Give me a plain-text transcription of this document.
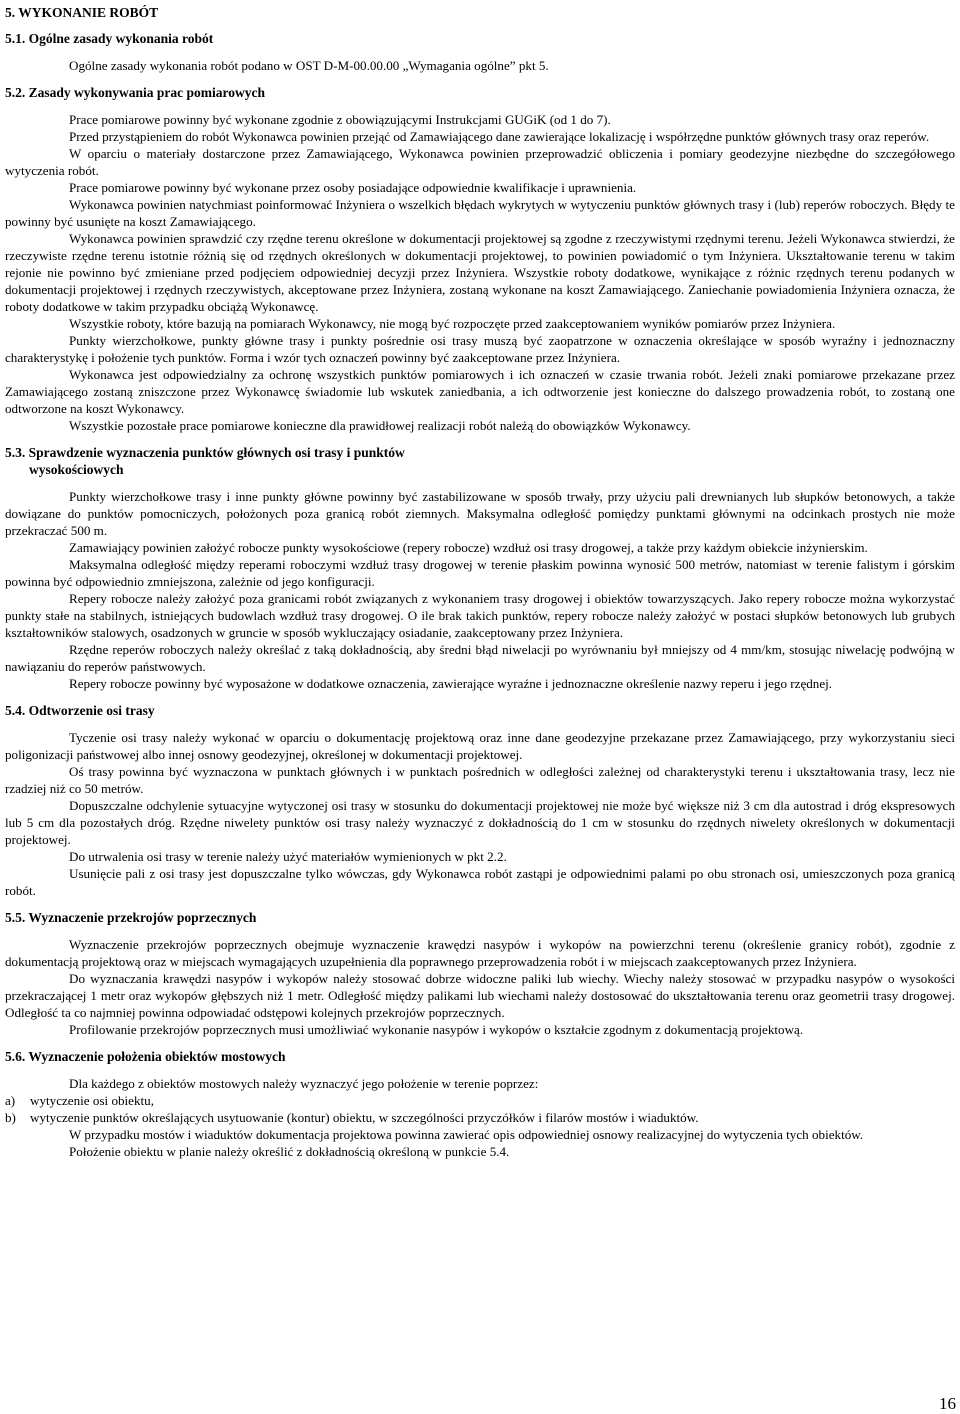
5. WYKONANIE ROBÓT
5.1. Ogólne zasady wykonania robót

Ogólne zasady wykonania robót podano w OST D-M-00.00.00 „Wymagania ogólne” pkt 5.

5.2. Zasady wykonywania prac pomiarowych

Prace pomiarowe powinny być wykonane zgodnie z obowiązującymi Instrukcjami GUGiK (od 1 do 7).

Przed przystąpieniem do robót Wykonawca powinien przejąć od Zamawiającego dane zawierające lokalizację i współrzędne punktów głównych trasy oraz reperów.

W oparciu o materiały dostarczone przez Zamawiającego, Wykonawca powinien przeprowadzić obliczenia i pomiary geodezyjne niezbędne do szczegółowego wytyczenia robót.

Prace pomiarowe powinny być wykonane przez osoby posiadające odpowiednie kwalifikacje i uprawnienia.

Wykonawca powinien natychmiast poinformować Inżyniera o wszelkich błędach wykrytych w wytyczeniu punktów głównych trasy i (lub) reperów roboczych. Błędy te powinny być usunięte na koszt Zamawiającego.

Wykonawca powinien sprawdzić czy rzędne terenu określone w dokumentacji projektowej są zgodne z rzeczywistymi rzędnymi terenu. Jeżeli Wykonawca stwierdzi, że rzeczywiste rzędne terenu istotnie różnią się od rzędnych określonych w dokumentacji projektowej, to powinien powiadomić o tym Inżyniera. Ukształtowanie terenu w takim rejonie nie powinno być zmieniane przed podjęciem odpowiedniej decyzji przez Inżyniera. Wszystkie roboty dodatkowe, wynikające z różnic rzędnych terenu podanych w dokumentacji projektowej i rzędnych rzeczywistych, akceptowane przez Inżyniera, zostaną wykonane na koszt Zamawiającego. Zaniechanie powiadomienia Inżyniera oznacza, że roboty dodatkowe w takim przypadku obciążą Wykonawcę.

Wszystkie roboty, które bazują na pomiarach Wykonawcy, nie mogą być rozpoczęte przed zaakceptowaniem wyników pomiarów przez Inżyniera.

Punkty wierzchołkowe, punkty główne trasy i punkty pośrednie osi trasy muszą być zaopatrzone w oznaczenia określające w sposób wyraźny i jednoznaczny charakterystykę i położenie tych punktów. Forma i wzór tych oznaczeń powinny być zaakceptowane przez Inżyniera.

Wykonawca jest odpowiedzialny za ochronę wszystkich punktów pomiarowych i ich oznaczeń w czasie trwania robót. Jeżeli znaki pomiarowe przekazane przez Zamawiającego zostaną zniszczone przez Wykonawcę świadomie lub wskutek zaniedbania, a ich odtworzenie jest konieczne do dalszego prowadzenia robót, to zostaną one odtworzone na koszt Wykonawcy.

Wszystkie pozostałe prace pomiarowe konieczne dla prawidłowej realizacji robót należą do obowiązków Wykonawcy.

5.3. Sprawdzenie wyznaczenia punktów głównych osi trasy i punktów
wysokościowych

Punkty wierzchołkowe trasy i inne punkty główne powinny być zastabilizowane w sposób trwały, przy użyciu pali drewnianych lub słupków betonowych, a także dowiązane do punktów pomocniczych, położonych poza granicą robót ziemnych. Maksymalna odległość pomiędzy punktami głównymi na odcinkach prostych nie może przekraczać 500 m.

Zamawiający powinien założyć robocze punkty wysokościowe (repery robocze) wzdłuż osi trasy drogowej, a także przy każdym obiekcie inżynierskim.

Maksymalna odległość między reperami roboczymi wzdłuż trasy drogowej w terenie płaskim powinna wynosić 500 metrów, natomiast w terenie falistym i górskim powinna być odpowiednio zmniejszona, zależnie od jego konfiguracji.

Repery robocze należy założyć poza granicami robót związanych z wykonaniem trasy drogowej i obiektów towarzyszących. Jako repery robocze można wykorzystać punkty stałe na stabilnych, istniejących budowlach wzdłuż trasy drogowej. O ile brak takich punktów, repery robocze należy założyć w postaci słupków betonowych lub grubych kształtowników stalowych, osadzonych w gruncie w sposób wykluczający osiadanie, zaakceptowany przez Inżyniera.

Rzędne reperów roboczych należy określać z taką dokładnością, aby średni błąd niwelacji po wyrównaniu był mniejszy od 4 mm/km, stosując niwelację podwójną w nawiązaniu do reperów państwowych.

Repery robocze powinny być wyposażone w dodatkowe oznaczenia, zawierające wyraźne i jednoznaczne określenie nazwy reperu i jego rzędnej.

5.4. Odtworzenie osi trasy

Tyczenie osi trasy należy wykonać w oparciu o dokumentację projektową oraz inne dane geodezyjne przekazane przez Zamawiającego, przy wykorzystaniu sieci poligonizacji państwowej albo innej osnowy geodezyjnej, określonej w dokumentacji projektowej.

Oś trasy powinna być wyznaczona w punktach głównych i w punktach pośrednich w odległości zależnej od charakterystyki terenu i ukształtowania trasy, lecz nie rzadziej niż co 50 metrów.

Dopuszczalne odchylenie sytuacyjne wytyczonej osi trasy w stosunku do dokumentacji projektowej nie może być większe niż 3 cm dla autostrad i dróg ekspresowych lub 5 cm dla pozostałych dróg. Rzędne niwelety punktów osi trasy należy wyznaczyć z dokładnością do 1 cm w stosunku do rzędnych niwelety określonych w dokumentacji projektowej.

Do utrwalenia osi trasy w terenie należy użyć materiałów wymienionych w pkt 2.2.

Usunięcie pali z osi trasy jest dopuszczalne tylko wówczas, gdy Wykonawca robót zastąpi je odpowiednimi palami po obu stronach osi, umieszczonych poza granicą robót.

5.5. Wyznaczenie przekrojów poprzecznych

Wyznaczenie przekrojów poprzecznych obejmuje wyznaczenie krawędzi nasypów i wykopów na powierzchni terenu (określenie granicy robót), zgodnie z dokumentacją projektową oraz w miejscach wymagających uzupełnienia dla poprawnego przeprowadzenia robót i w miejscach zaakceptowanych przez Inżyniera.

Do wyznaczania krawędzi nasypów i wykopów należy stosować dobrze widoczne paliki lub wiechy. Wiechy należy stosować w przypadku nasypów o wysokości przekraczającej 1 metr oraz wykopów głębszych niż 1 metr. Odległość między palikami lub wiechami należy dostosować do ukształtowania terenu oraz geometrii trasy drogowej. Odległość ta co najmniej powinna odpowiadać odstępowi kolejnych przekrojów poprzecznych.

Profilowanie przekrojów poprzecznych musi umożliwiać wykonanie nasypów i wykopów o kształcie zgodnym z dokumentacją projektową.

5.6. Wyznaczenie położenia obiektów mostowych

Dla każdego z obiektów mostowych należy wyznaczyć jego położenie w terenie poprzez:

a)	wytyczenie osi obiektu,
b)	wytyczenie punktów określających usytuowanie (kontur) obiektu, w szczególności przyczółków i filarów mostów i wiaduktów.

W przypadku mostów i wiaduktów dokumentacja projektowa powinna zawierać opis odpowiedniej osnowy realizacyjnej do wytyczenia tych obiektów.

Położenie obiektu w planie należy określić z dokładnością określoną w punkcie 5.4.

16
